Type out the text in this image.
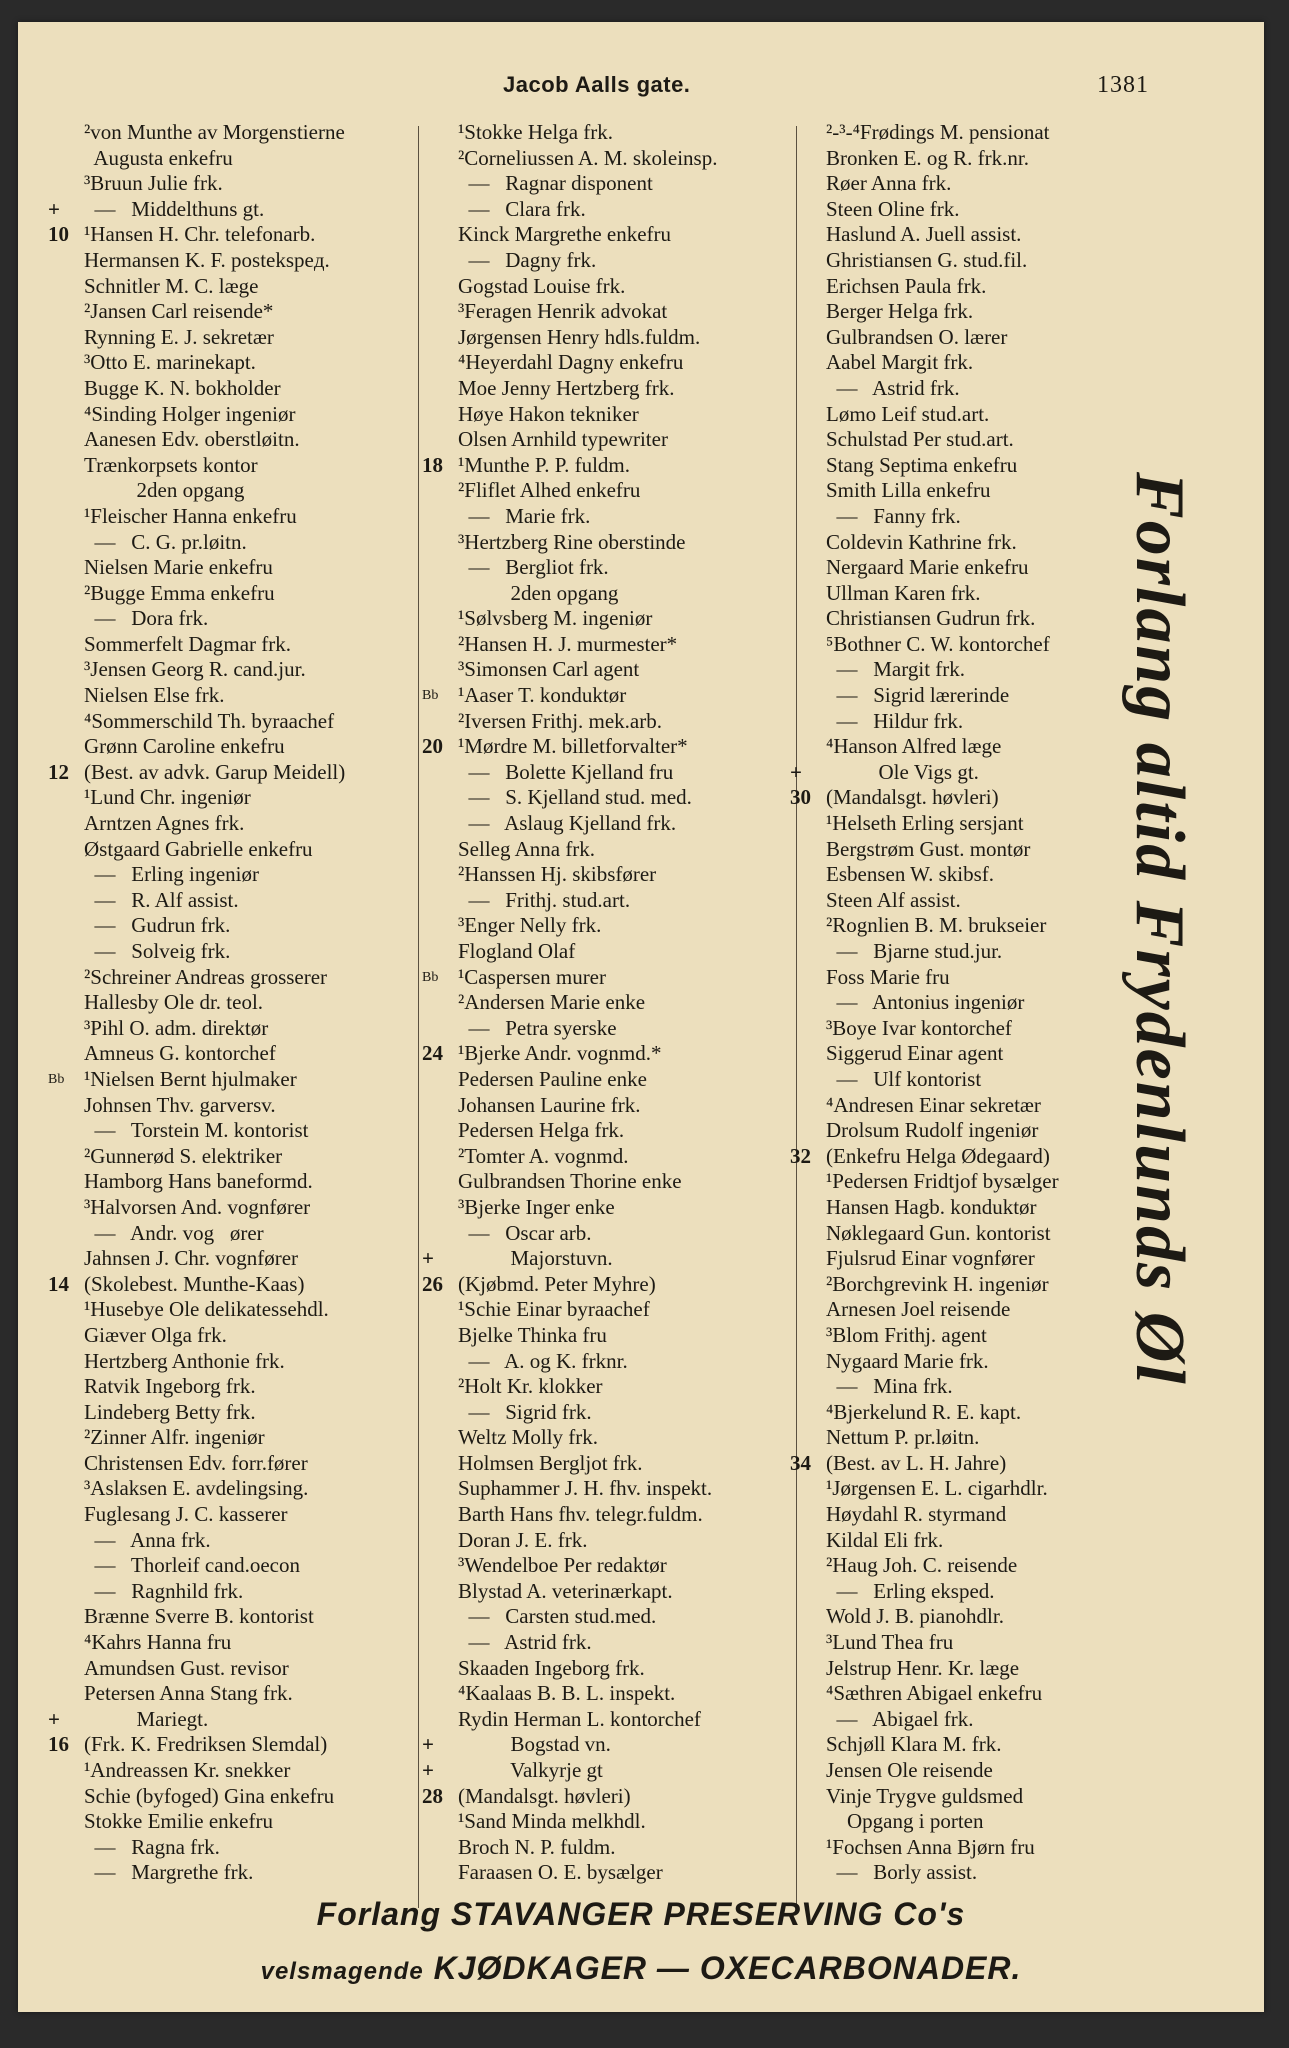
Jacob Aalls gate.	1381
²von Munthe av Morgenstierne
Augusta enkefru
³Bruun Julie frk.
+	—   Middelthuns gt.
10 ¹Hansen H. Chr. telefonarb.
Hermansen K. F. postekspeд.
Schnitler M. C. læge
²Jansen Carl reisende*
Rynning E. J. sekretær
³Otto E. marinekapt.
Bugge K. N. bokholder
⁴Sinding Holger ingeniør
Aanesen Edv. oberstløitn.
Trænkorpsets kontor
2den opgang
¹Fleischer Hanna enkefru
—   C. G. pr.løitn.
Nielsen Marie enkefru
²Bugge Emma enkefru
—   Dora frk.
Sommerfelt Dagmar frk.
³Jensen Georg R. cand.jur.
Nielsen Else frk.
⁴Sommerschild Th. byraachef
Grønn Caroline enkefru
12 (Best. av advk. Garup Meidell)
¹Lund Chr. ingeniør
Arntzen Agnes frk.
Østgaard Gabrielle enkefru
—   Erling ingeniør
—   R. Alf assist.
—   Gudrun frk.
—   Solveig frk.
²Schreiner Andreas grosserer
Hallesby Ole dr. teol.
³Pihl O. adm. direktør
Amneus G. kontorchef
Bb ¹Nielsen Bernt hjulmaker
Johnsen Thv. garversv.
—   Torstein M. kontorist
²Gunnerød S. elektriker
Hamborg Hans baneformd.
³Halvorsen And. vognfører
—   Andr. vog   ører
Jahnsen J. Chr. vognfører
14 (Skolebest. Munthe-Kaas)
¹Husebye Ole delikatessehdl.
Giæver Olga frk.
Hertzberg Anthonie frk.
Ratvik Ingeborg frk.
Lindeberg Betty frk.
²Zinner Alfr. ingeniør
Christensen Edv. forr.fører
³Aslaksen E. avdelingsing.
Fuglesang J. C. kasserer
—   Anna frk.
—   Thorleif cand.oecon
—   Ragnhild frk.
Brænne Sverre B. kontorist
⁴Kahrs Hanna fru
Amundsen Gust. revisor
Petersen Anna Stang frk.
+	Mariegt.
16 (Frk. K. Fredriksen Slemdal)
¹Andreassen Kr. snekker
Schie (byfoged) Gina enkefru
Stokke Emilie enkefru
—   Ragna frk.
—   Margrethe frk.
¹Stokke Helga frk.
²Corneliussen A. M. skoleinsp.
—   Ragnar disponent
—   Clara frk.
Kinck Margrethe enkefru
—   Dagny frk.
Gogstad Louise frk.
³Feragen Henrik advokat
Jørgensen Henry hdls.fuldm.
⁴Heyerdahl Dagny enkefru
Moe Jenny Hertzberg frk.
Høye Hakon tekniker
Olsen Arnhild typewriter
18 ¹Munthe P. P. fuldm.
²Fliflet Alhed enkefru
—   Marie frk.
³Hertzberg Rine oberstinde
—   Bergliot frk.
2den opgang
¹Sølvsberg M. ingeniør
²Hansen H. J. murmester*
³Simonsen Carl agent
Bb ¹Aaser T. konduktør
²Iversen Frithj. mek.arb.
20 ¹Mørdre M. billetforvalter*
—   Bolette Kjelland fru
—   S. Kjelland stud. med.
—   Aslaug Kjelland frk.
Selleg Anna frk.
²Hanssen Hj. skibsfører
—   Frithj. stud.art.
³Enger Nelly frk.
Flogland Olaf
Bb ¹Caspersen murer
²Andersen Marie enke
—   Petra syerske
24 ¹Bjerke Andr. vognmd.*
Pedersen Pauline enke
Johansen Laurine frk.
Pedersen Helga frk.
²Tomter A. vognmd.
Gulbrandsen Thorine enke
³Bjerke Inger enke
—   Oscar arb.
+	Majorstuvn.
26 (Kjøbmd. Peter Myhre)
¹Schie Einar byraachef
Bjelke Thinka fru
—   A. og K. frknr.
²Holt Kr. klokker
—   Sigrid frk.
Weltz Molly frk.
Holmsen Bergljot frk.
Suphammer J. H. fhv. inspekt.
Barth Hans fhv. telegr.fuldm.
Doran J. E. frk.
³Wendelboe Per redaktør
Blystad A. veterinærkapt.
—   Carsten stud.med.
—   Astrid frk.
Skaaden Ingeborg frk.
⁴Kaalaas B. B. L. inspekt.
Rydin Herman L. kontorchef
+	Bogstad vn.
+	Valkyrje gt
28 (Mandalsgt. høvleri)
¹Sand Minda melkhdl.
Broch N. P. fuldm.
Faraasen O. E. bysælger
²-³-⁴Frødings M. pensionat
Bronken E. og R. frk.nr.
Røer Anna frk.
Steen Oline frk.
Haslund A. Juell assist.
Ghristiansen G. stud.fil.
Erichsen Paula frk.
Berger Helga frk.
Gulbrandsen O. lærer
Aabel Margit frk.
—   Astrid frk.
Lømo Leif stud.art.
Schulstad Per stud.art.
Stang Septima enkefru
Smith Lilla enkefru
—   Fanny frk.
Coldevin Kathrine frk.
Nergaard Marie enkefru
Ullman Karen frk.
Christiansen Gudrun frk.
⁵Bothner C. W. kontorchef
—   Margit frk.
—   Sigrid lærerinde
—   Hildur frk.
⁴Hanson Alfred læge
+	Ole Vigs gt.
30 (Mandalsgt. høvleri)
¹Helseth Erling sersjant
Bergstrøm Gust. montør
Esbensen W. skibsf.
Steen Alf assist.
²Rognlien B. M. brukseier
—   Bjarne stud.jur.
Foss Marie fru
—   Antonius ingeniør
³Boye Ivar kontorchef
Siggerud Einar agent
—   Ulf kontorist
⁴Andresen Einar sekretær
Drolsum Rudolf ingeniør
32 (Enkefru Helga Ødegaard)
¹Pedersen Fridtjof bysælger
Hansen Hagb. konduktør
Nøklegaard Gun. kontorist
Fjulsrud Einar vognfører
²Borchgrevink H. ingeniør
Arnesen Joel reisende
³Blom Frithj. agent
Nygaard Marie frk.
—   Mina frk.
⁴Bjerkelund R. E. kapt.
Nettum P. pr.løitn.
34 (Best. av L. H. Jahre)
¹Jørgensen E. L. cigarhdlr.
Høydahl R. styrmand
Kildal Eli frk.
²Haug Joh. C. reisende
—   Erling eksped.
Wold J. B. pianohdlr.
³Lund Thea fru
Jelstrup Henr. Kr. læge
⁴Sæthren Abigael enkefru
—   Abigael frk.
Schjøll Klara M. frk.
Jensen Ole reisende
Vinje Trygve guldsmed
Opgang i porten
¹Fochsen Anna Bjørn fru
—   Borly assist.
Forlang altid Frydenlunds Øl
Forlang STAVANGER PRESERVING Co's
velsmagende KJØDKAGER — OXECARBONADER.
